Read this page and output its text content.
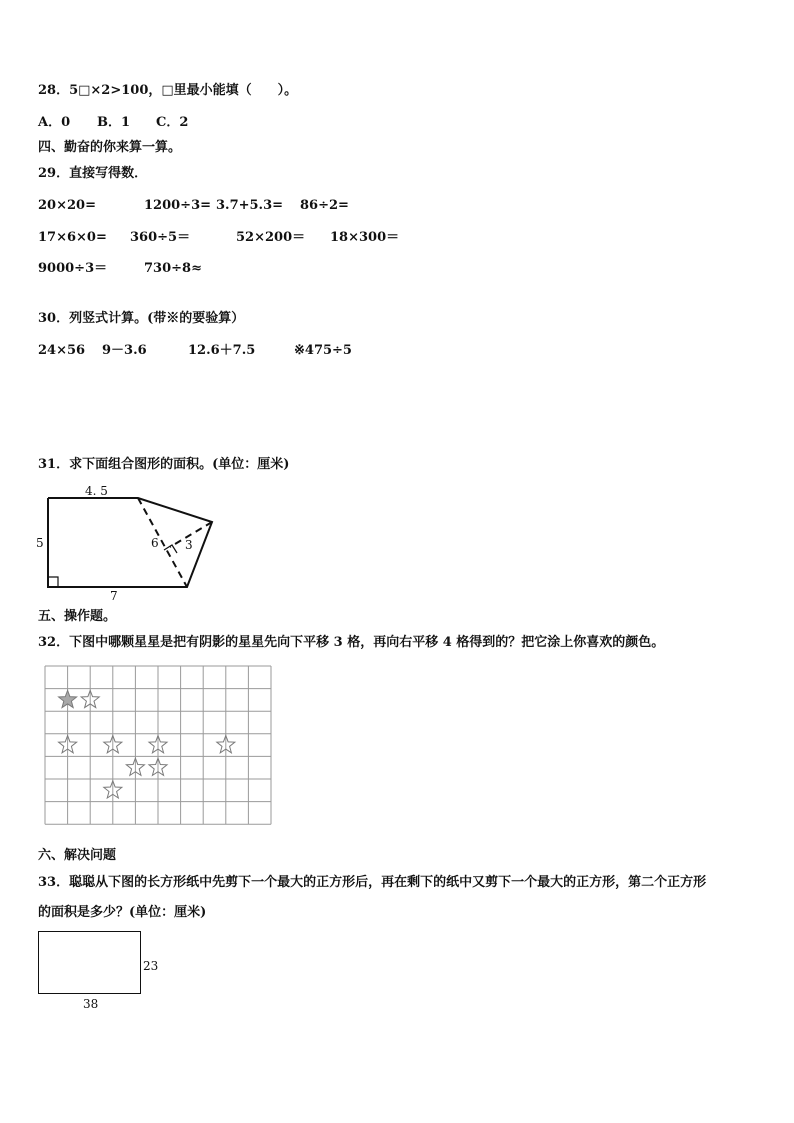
28．5□×2>100，□里最小能填（　　）。
A．0 B．1 C．2
四、勤奋的你来算一算。
29．直接写得数．
20×20=	1200÷3= 3.7+5.3= 86÷2=
17×6×0= 360÷5＝	52×200＝ 18×300＝
9000÷3＝	730÷8≈
30．列竖式计算。(带※的要验算）
24×56 9－3.6	12.6＋7.5	※475÷5
31．求下面组合图形的面积。(单位：厘米)
4. 5
5
7
6 3
五、操作题。
32．下图中哪颗星星是把有阴影的星星先向下平移 3 格，再向右平移 4 格得到的？把它涂上你喜欢的颜色。
六、解决问题
33．聪聪从下图的长方形纸中先剪下一个最大的正方形后，再在剩下的纸中又剪下一个最大的正方形，第二个正方形
的面积是多少？(单位：厘米)
23
38
